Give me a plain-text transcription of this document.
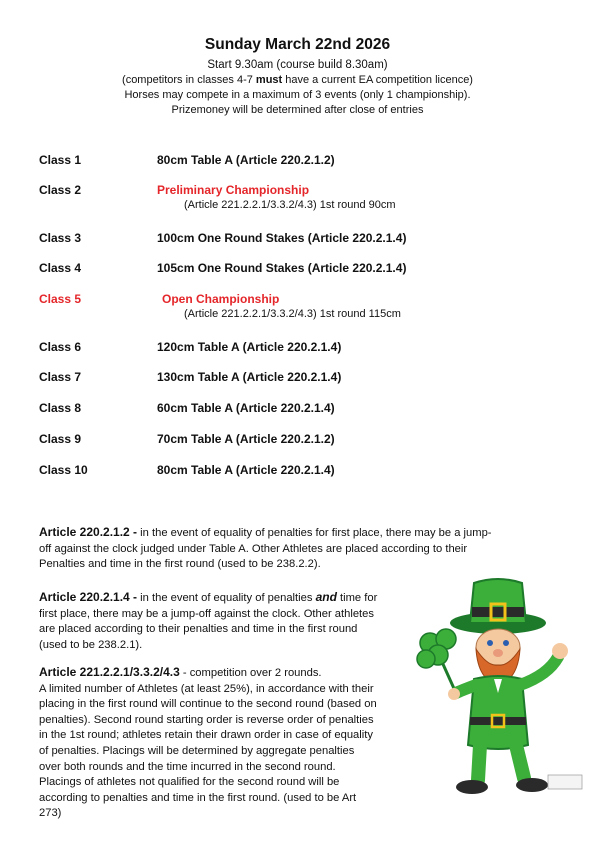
Sunday March 22nd 2026

Start 9.30am (course build 8.30am)

(competitors in classes 4-7 must have a current EA competition licence)

Horses may compete in a maximum of 3 events (only 1 championship).

Prizemoney will be determined after close of entries

Class 1	80cm Table A (Article 220.2.1.2)
Class 2	Preliminary Championship
(Article 221.2.2.1/3.3.2/4.3) 1st round 90cm
Class 3	100cm One Round Stakes (Article 220.2.1.4)
Class 4	105cm One Round Stakes (Article 220.2.1.4)
Class 5	Open Championship
(Article 221.2.2.1/3.3.2/4.3) 1st round 115cm
Class 6	120cm Table A (Article 220.2.1.4)
Class 7	130cm Table A (Article 220.2.1.4)
Class 8	60cm Table A (Article 220.2.1.4)
Class 9	70cm Table A (Article 220.2.1.2)
Class 10	80cm Table A (Article 220.2.1.4)
Article 220.2.1.2 - in the event of equality of penalties for first place, there may be a jump-off against the clock judged under Table A. Other Athletes are placed according to their Penalties and time in the first round (used to be 238.2.2).
Article 220.2.1.4 - in the event of equality of penalties and time for first place, there may be a jump-off against the clock. Other athletes are placed according to their penalties and time in the first round (used to be 238.2.1).
Article 221.2.2.1/3.3.2/4.3 - competition over 2 rounds.
A limited number of Athletes (at least 25%), in accordance with their placing in the first round will continue to the second round (based on penalties). Second round starting order is reverse order of penalties in the 1st round; athletes retain their drawn order in case of equality of penalties. Placings will be determined by aggregate penalties over both rounds and the time incurred in the second round. Placings of athletes not qualified for the second round will be according to penalties and time in the first round. (used to be Art 273)
